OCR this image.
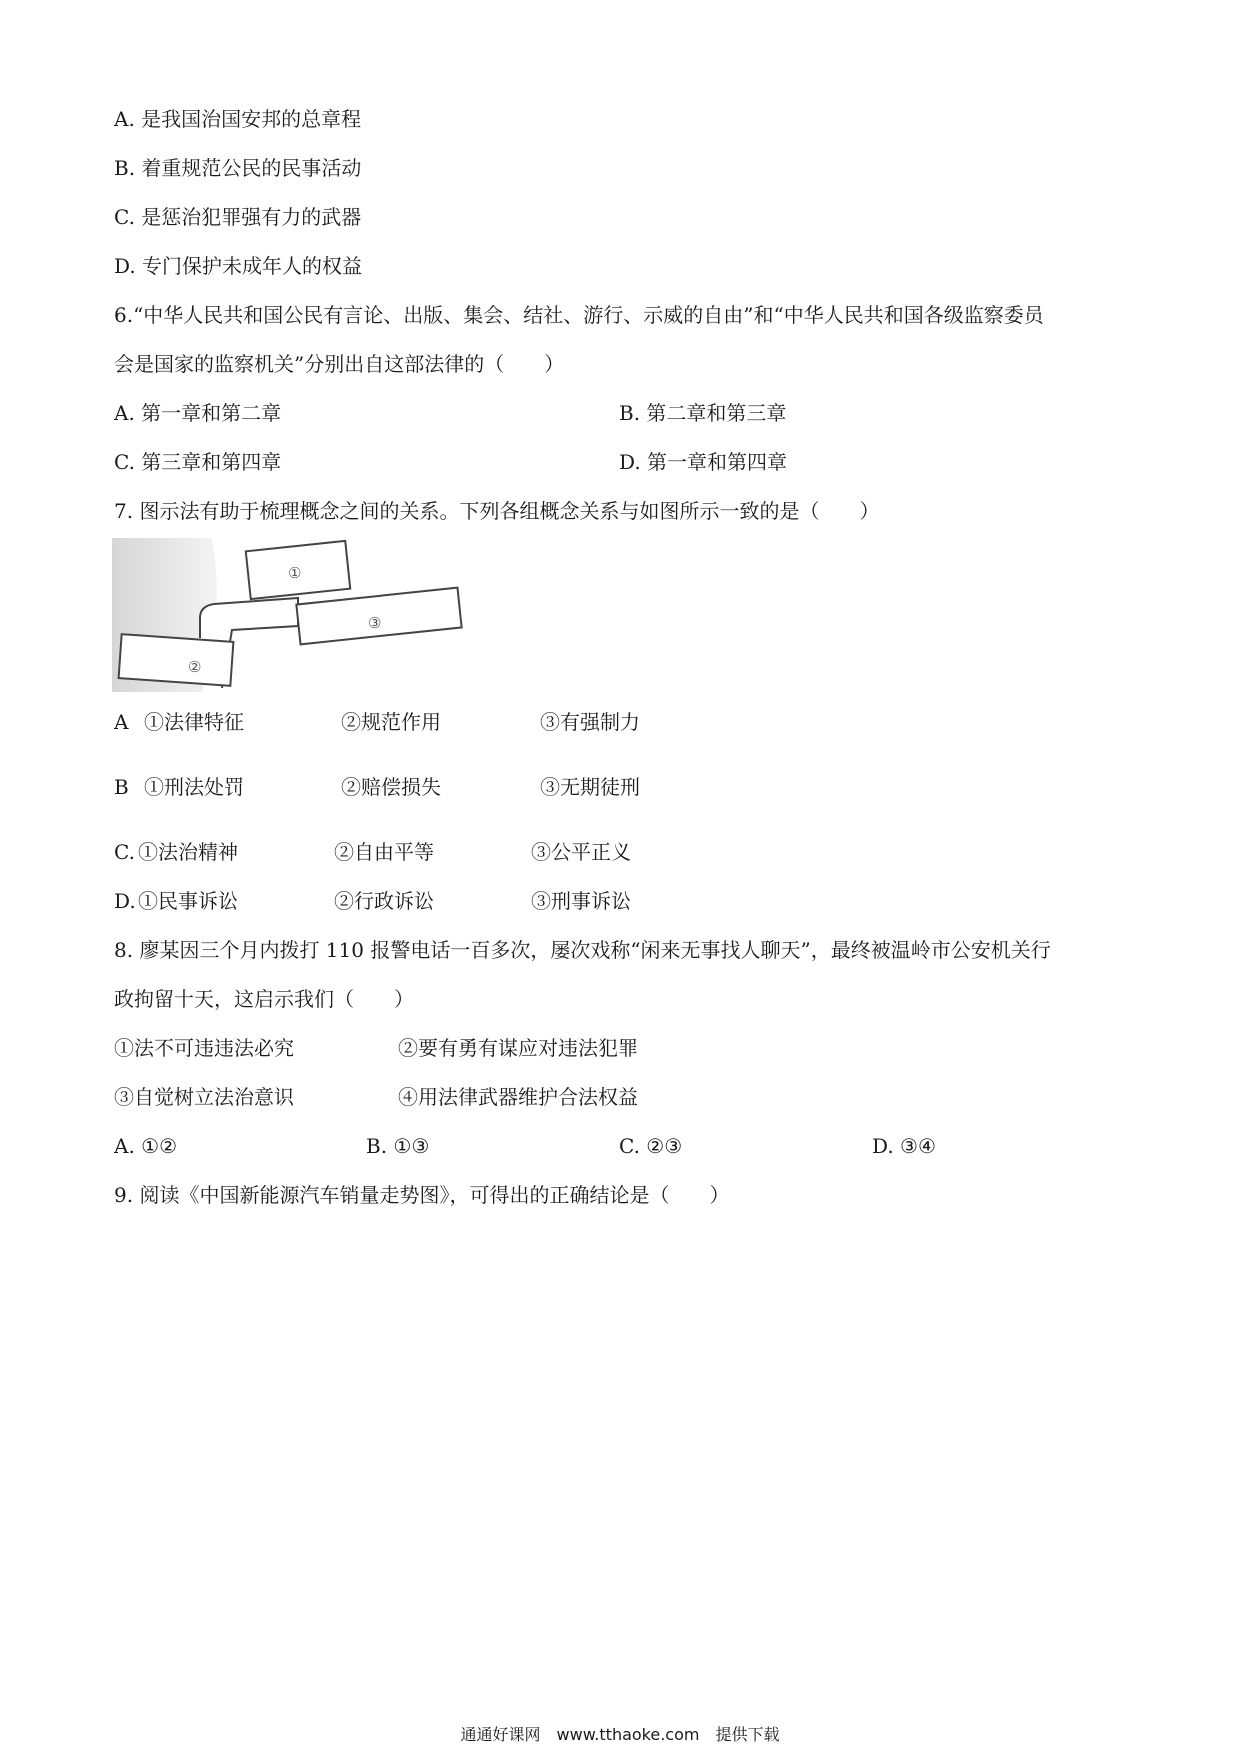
A. 是我国治国安邦的总章程
B. 着重规范公民的民事活动
C. 是惩治犯罪强有力的武器
D. 专门保护未成年人的权益
6.“中华人民共和国公民有言论、出版、集会、结社、游行、示威的自由”和“中华人民共和国各级监察委员
会是国家的监察机关”分别出自这部法律的（　　）
A. 第一章和第二章	B. 第二章和第三章
C. 第三章和第四章	D. 第一章和第四章
7. 图示法有助于梳理概念之间的关系。下列各组概念关系与如图所示一致的是（　　）
①
②
③
A ①法律特征	②规范作用	③有强制力
B ①刑法处罚	②赔偿损失	③无期徒刑
C. ①法治精神	②自由平等	③公平正义
D. ①民事诉讼	②行政诉讼	③刑事诉讼
8. 廖某因三个月内拨打 110 报警电话一百多次，屡次戏称“闲来无事找人聊天”，最终被温岭市公安机关行
政拘留十天，这启示我们（　　）
①法不可违违法必究	②要有勇有谋应对违法犯罪
③自觉树立法治意识	④用法律武器维护合法权益
A. ①②	B. ①③	C. ②③	D. ③④
9. 阅读《中国新能源汽车销量走势图》，可得出的正确结论是（　　）
通通好课网　www.tthaoke.com　提供下载
